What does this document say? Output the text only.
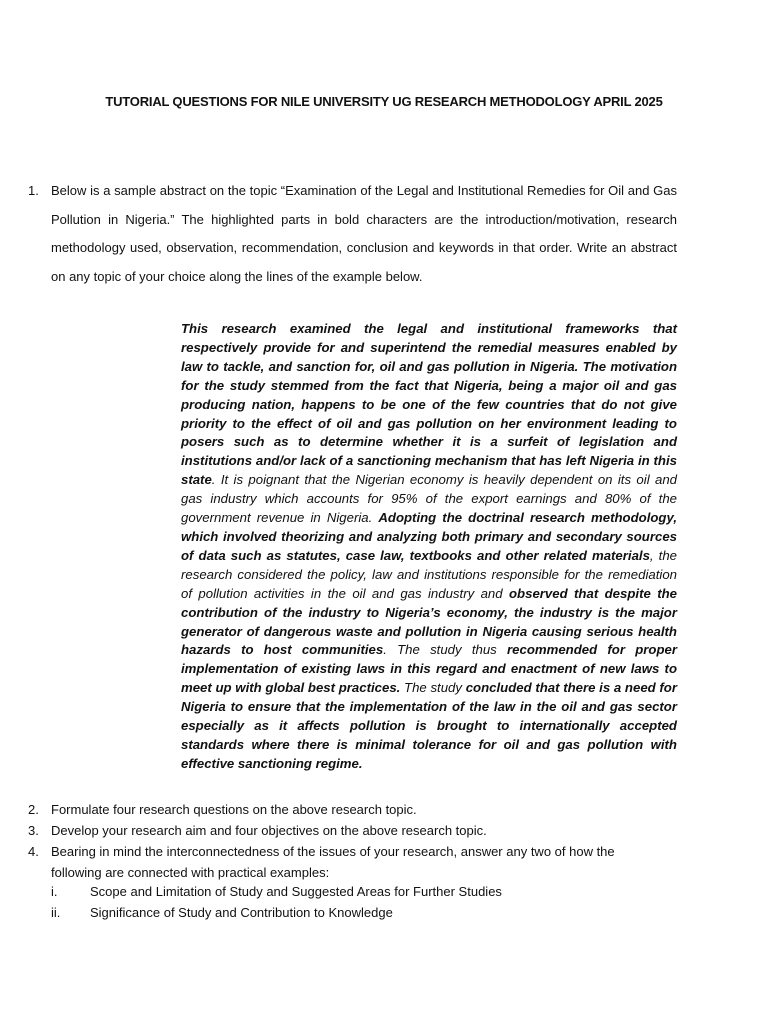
TUTORIAL QUESTIONS FOR NILE UNIVERSITY UG RESEARCH METHODOLOGY APRIL 2025
1. Below is a sample abstract on the topic “Examination of the Legal and Institutional Remedies for Oil and Gas Pollution in Nigeria.” The highlighted parts in bold characters are the introduction/motivation, research methodology used, observation, recommendation, conclusion and keywords in that order. Write an abstract on any topic of your choice along the lines of the example below.
This research examined the legal and institutional frameworks that respectively provide for and superintend the remedial measures enabled by law to tackle, and sanction for, oil and gas pollution in Nigeria. The motivation for the study stemmed from the fact that Nigeria, being a major oil and gas producing nation, happens to be one of the few countries that do not give priority to the effect of oil and gas pollution on her environment leading to posers such as to determine whether it is a surfeit of legislation and institutions and/or lack of a sanctioning mechanism that has left Nigeria in this state. It is poignant that the Nigerian economy is heavily dependent on its oil and gas industry which accounts for 95% of the export earnings and 80% of the government revenue in Nigeria. Adopting the doctrinal research methodology, which involved theorizing and analyzing both primary and secondary sources of data such as statutes, case law, textbooks and other related materials, the research considered the policy, law and institutions responsible for the remediation of pollution activities in the oil and gas industry and observed that despite the contribution of the industry to Nigeria’s economy, the industry is the major generator of dangerous waste and pollution in Nigeria causing serious health hazards to host communities. The study thus recommended for proper implementation of existing laws in this regard and enactment of new laws to meet up with global best practices. The study concluded that there is a need for Nigeria to ensure that the implementation of the law in the oil and gas sector especially as it affects pollution is brought to internationally accepted standards where there is minimal tolerance for oil and gas pollution with effective sanctioning regime.
2. Formulate four research questions on the above research topic.
3. Develop your research aim and four objectives on the above research topic.
4. Bearing in mind the interconnectedness of the issues of your research, answer any two of how the following are connected with practical examples:
i.	Scope and Limitation of Study and Suggested Areas for Further Studies
ii. Significance of Study and Contribution to Knowledge
